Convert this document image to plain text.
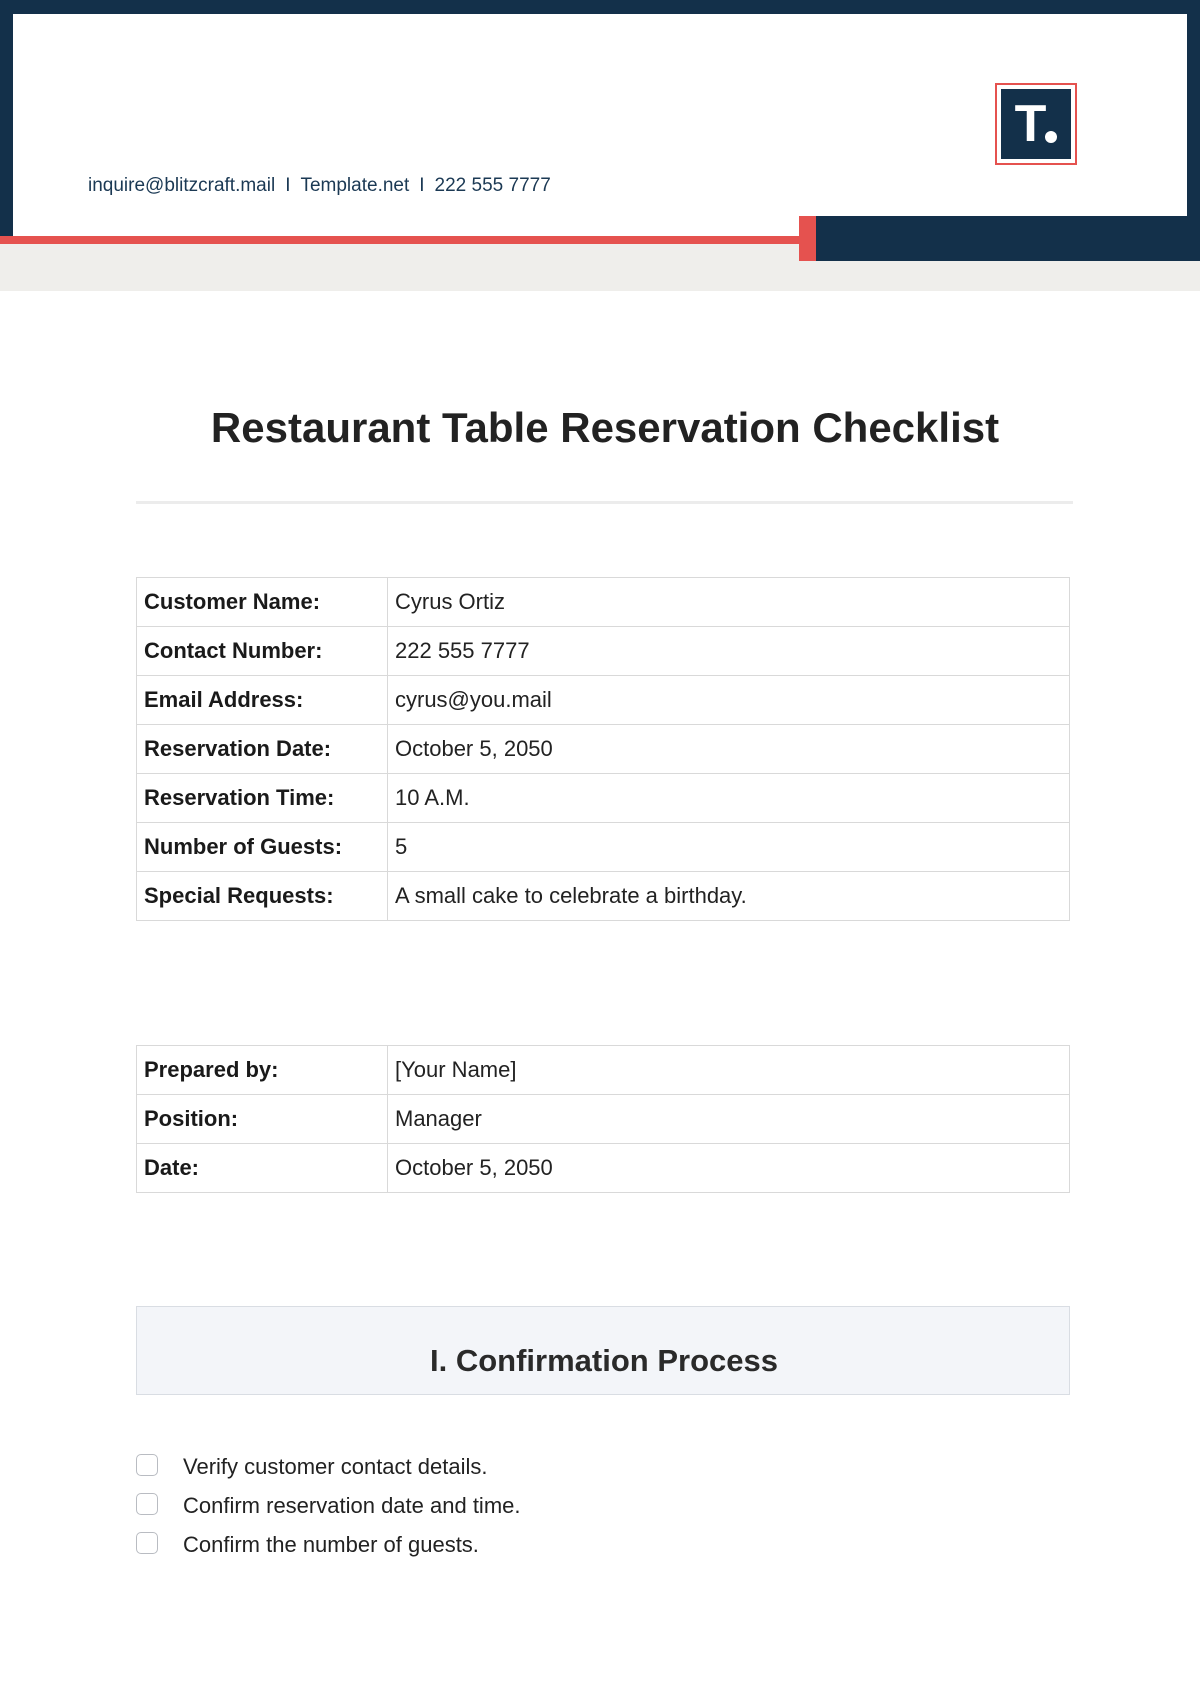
inquire@blitzcraft.mail I Template.net I 222 555 7777
T
Restaurant Table Reservation Checklist
Customer Name:	Cyrus Ortiz
Contact Number:	222 555 7777
Email Address:	cyrus@you.mail
Reservation Date:	October 5, 2050
Reservation Time:	10 A.M.
Number of Guests:	5
Special Requests:	A small cake to celebrate a birthday.
Prepared by:	[Your Name]
Position:	Manager
Date:	October 5, 2050
I. Confirmation Process
Verify customer contact details.
Confirm reservation date and time.
Confirm the number of guests.
